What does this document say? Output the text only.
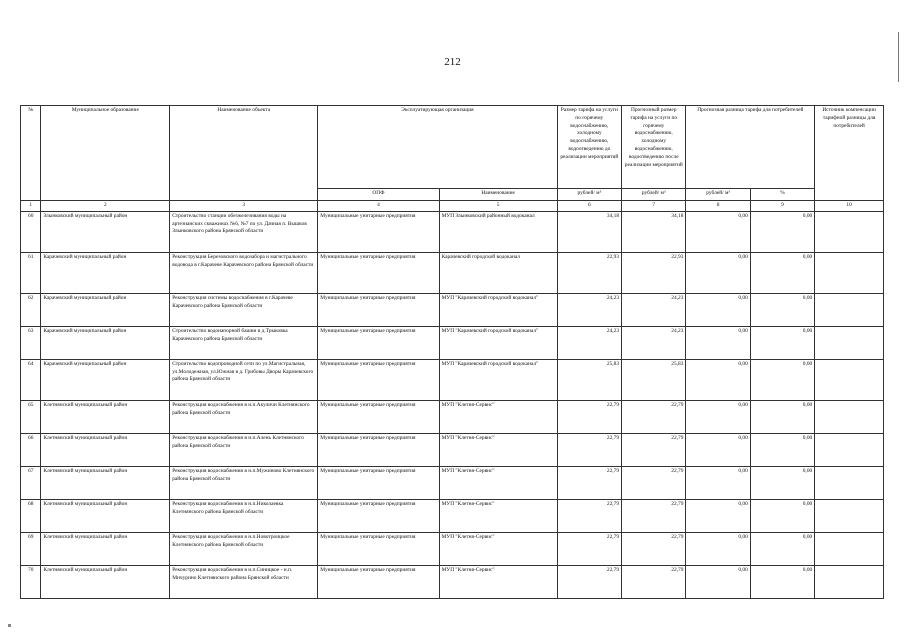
212
№	Муниципальное образование	Наименование объекта	Эксплуатирующая организация		Размер тарифа на услуги по горячему водоснабжению, холодному водоснабжению, водоотведению до реализации мероприятий	Прогнозный размер тарифа на услуги по горячему водоснабжению, холодному водоснабжению, водоотведению после реализации мероприятий	Прогнозная разница тарифа для потребителей		Источник компенсации тарифной разницы для потребителей
			ОПФ	Наименование	рублей/ м³	рублей/ м³	рублей/ м³	%	
1	2	3	4	5	6	7	8	9	10
60	Злынковский муниципальный район	Строительство станции обезжелезивания воды на артезианских скважинах №6, №7 по ул. Дачная п. Вышков Злынковского района Брянской области	Муниципальные унитарные предприятия	МУП Злынковский районный водоканал	34,18	34,18	0,00	0,00	
61	Карачевский муниципальный район	Реконструкция Березовского водозабора и магистрального водовода в г.Карачеве Карачевского района Брянской области	Муниципальные унитарные предприятия	Карачевский городской водоканал	22,93	22,93	0,00	0,00	
62	Карачевский муниципальный район	Реконструкция системы водоснабжения в г.Карачеве Карачевского района Брянской области	Муниципальные унитарные предприятия	МУП "Карачевский городской водоканал"	24,23	24,23	0,00	0,00	
63	Карачевский муниципальный район	Строительство водонапорной башни в д.Трыковка Карачевского района Брянской области	Муниципальные унитарные предприятия	МУП "Карачевский городской водоканал"	24,23	24,23	0,00	0,00	
64	Карачевский муниципальный район	Строительство водопроводной сети по ул.Магистральная, ул.Молодежная, ул.Южная в д. Грибовы Дворы Карачевского района Брянской области	Муниципальные унитарные предприятия	МУП "Карачевский городской водоканал"	25,83	25,83	0,00	0,00	
65	Клетнянский муниципальный район	Реконструкция водоснабжения в н.п.Акуличи Клетнянского района Брянской области	Муниципальные унитарные предприятия	МУП "Клетня-Сервис"	22,79	22,79	0,00	0,00	
66	Клетнянский муниципальный район	Реконструкция водоснабжения в н.п.Алень Клетнянского района Брянской области	Муниципальные унитарные предприятия	МУП "Клетня-Сервис"	22,79	22,79	0,00	0,00	
67	Клетнянский муниципальный район	Реконструкция водоснабжения в н.п.Мужиново Клетнянского района Брянской области	Муниципальные унитарные предприятия	МУП "Клетня-Сервис"	22,79	22,79	0,00	0,00	
68	Клетнянский муниципальный район	Реконструкция водоснабжения в н.п.Николаевка Клетнянского района Брянской области	Муниципальные унитарные предприятия	МУП "Клетня-Сервис"	22,79	22,79	0,00	0,00	
69	Клетнянский муниципальный район	Реконструкция водоснабжения в н.п.Новотроицкое Клетнянского района Брянской области	Муниципальные унитарные предприятия	МУП "Клетня-Сервис"	22,79	22,79	0,00	0,00	
70	Клетнянский муниципальный район	Реконструкция водоснабжения в н.п.Синицкое - н.п. Мичурино Клетнянского района Брянской области	Муниципальные унитарные предприятия	МУП "Клетня-Сервис"	22,79	22,79	0,00	0,00	
